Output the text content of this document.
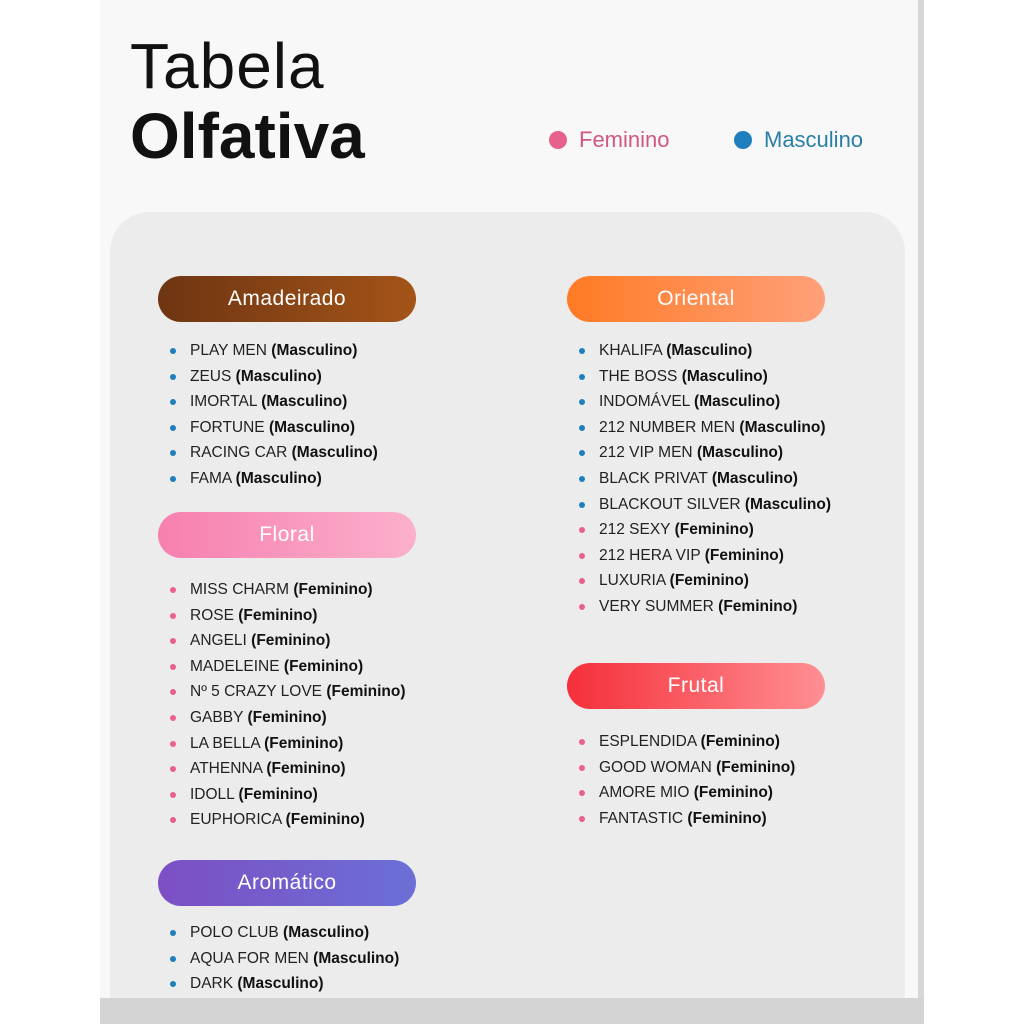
Tabela
Olfativa	Feminino	Masculino
Amadeirado
PLAY MEN (Masculino)
ZEUS (Masculino)
IMORTAL (Masculino)
FORTUNE (Masculino)
RACING CAR (Masculino)
FAMA (Masculino)
Floral
MISS CHARM (Feminino)
ROSE (Feminino)
ANGELI (Feminino)
MADELEINE (Feminino)
Nº 5 CRAZY LOVE (Feminino)
GABBY (Feminino)
LA BELLA (Feminino)
ATHENNA (Feminino)
IDOLL (Feminino)
EUPHORICA (Feminino)
Aromático
POLO CLUB (Masculino)
AQUA FOR MEN (Masculino)
DARK (Masculino)
Oriental
KHALIFA (Masculino)
THE BOSS (Masculino)
INDOMÁVEL (Masculino)
212 NUMBER MEN (Masculino)
212 VIP MEN (Masculino)
BLACK PRIVAT (Masculino)
BLACKOUT SILVER (Masculino)
212 SEXY (Feminino)
212 HERA VIP (Feminino)
LUXURIA (Feminino)
VERY SUMMER (Feminino)
Frutal
ESPLENDIDA (Feminino)
GOOD WOMAN (Feminino)
AMORE MIO (Feminino)
FANTASTIC (Feminino)
